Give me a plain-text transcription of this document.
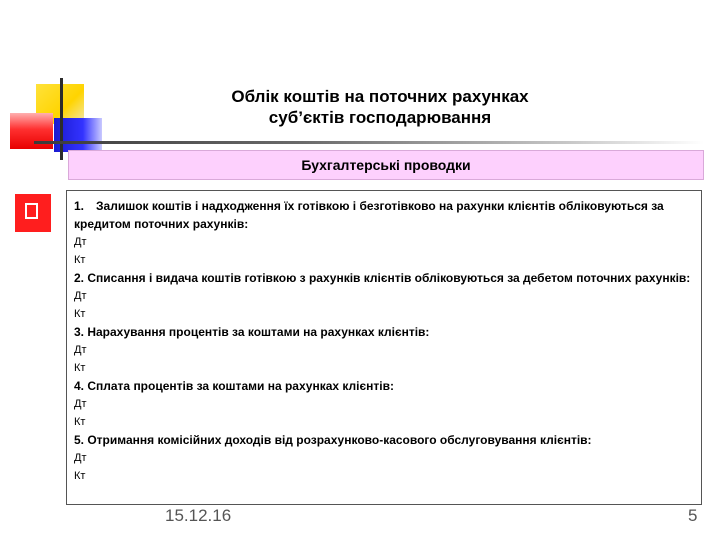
Облік коштів на поточних рахунках
суб’єктів господарювання
Бухгалтерські проводки
1. Залишок коштів і надходження їх готівкою і безготівково на рахунки клієнтів обліковуються за кредитом поточних рахунків:
Дт
Кт
2. Списання і видача коштів готівкою з рахунків клієнтів обліковуються за дебетом поточних рахунків:
Дт
Кт
3. Нарахування процентів за коштами на рахунках клієнтів:
Дт
Кт
4. Сплата процентів за коштами на рахунках клієнтів:
Дт
Кт
5. Отримання комісійних доходів від розрахунково-касового обслуговування клієнтів:
Дт
Кт
15.12.16	5
